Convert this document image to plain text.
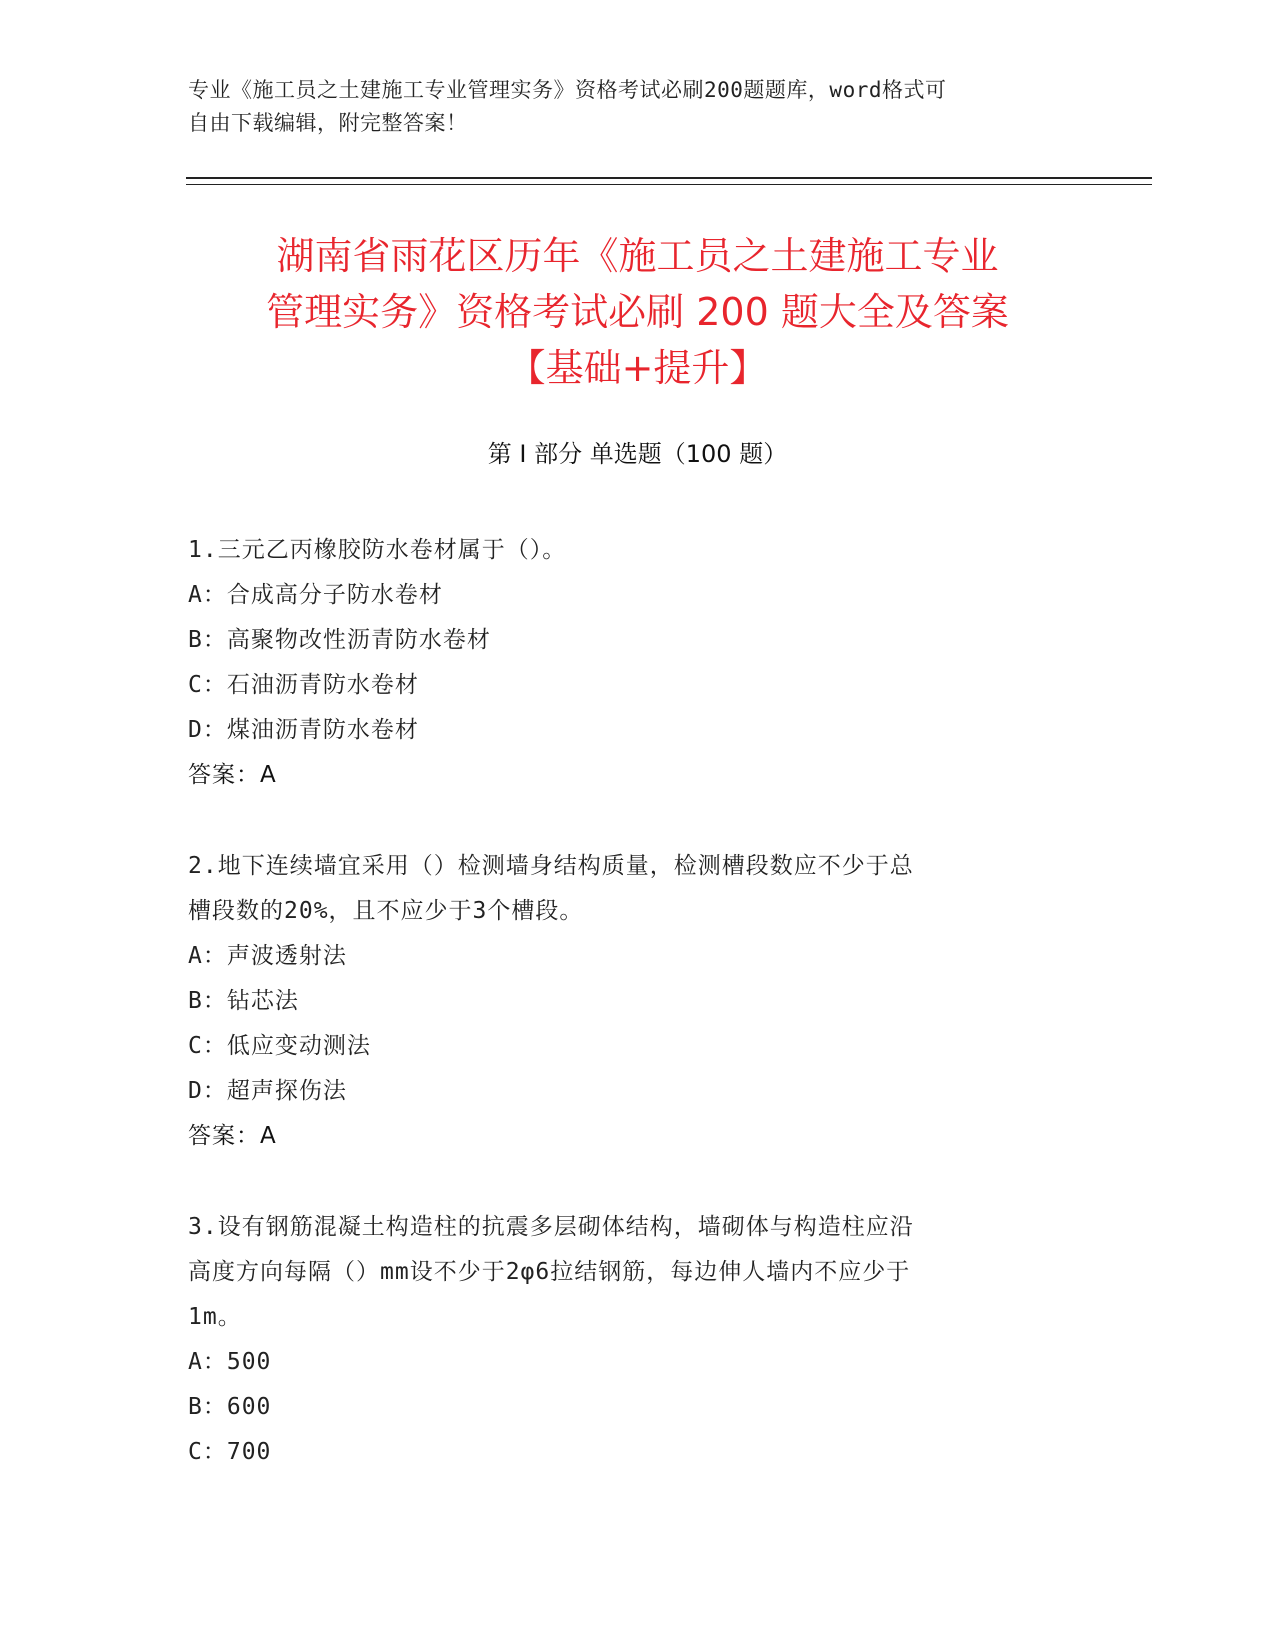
专业《施工员之土建施工专业管理实务》资格考试必刷200题题库，word格式可
自由下载编辑，附完整答案！
湖南省雨花区历年《施工员之土建施工专业
管理实务》资格考试必刷 200 题大全及答案
【基础+提升】
第 I 部分 单选题（100 题）
1.三元乙丙橡胶防水卷材属于（）。
A：合成高分子防水卷材
B：高聚物改性沥青防水卷材
C：石油沥青防水卷材
D：煤油沥青防水卷材
答案：A
2.地下连续墙宜采用（）检测墙身结构质量，检测槽段数应不少于总
槽段数的20%，且不应少于3个槽段。
A：声波透射法
B：钻芯法
C：低应变动测法
D：超声探伤法
答案：A
3.设有钢筋混凝土构造柱的抗震多层砌体结构，墙砌体与构造柱应沿
高度方向每隔（）mm设不少于2φ6拉结钢筋，每边伸人墙内不应少于
1m。
A：500
B：600
C：700
